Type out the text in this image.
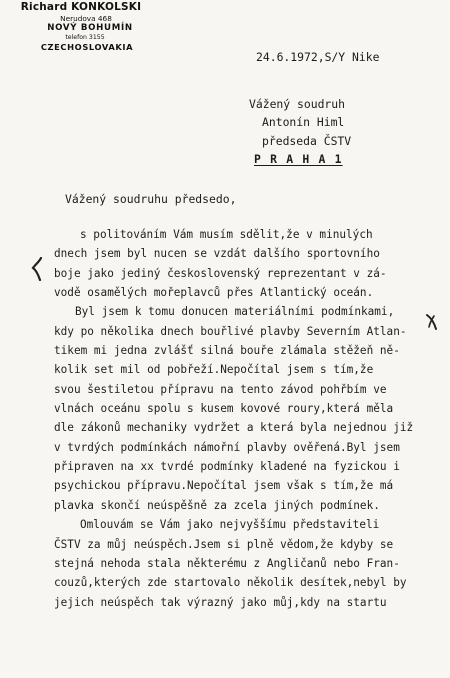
Richard KONKOLSKI
Nerudova 468
NOVÝ BOHUMÍN
telefon 3155
CZECHOSLOVAKIA
24.6.1972,S/Y Nike
Vážený soudruh
Antonín Himl
předseda ČSTV
P R A H A 1
Vážený soudruhu předsedo,
s politováním Vám musím sdělit,že v minulých
dnech jsem byl nucen se vzdát dalšího sportovního
boje jako jediný československý reprezentant v zá-
vodě osamělých mořeplavců přes Atlantický oceán.
Byl jsem k tomu donucen materiálními podmínkami,
kdy po několika dnech bouřlivé plavby Severním Atlan-
tikem mi jedna zvlášť silná bouře zlámala stěžeň ně-
kolik set mil od pobřeží.Nepočítal jsem s tím,že
svou šestiletou přípravu na tento závod pohřbím ve
vlnách oceánu spolu s kusem kovové roury,která měla
dle zákonů mechaniky vydržet a která byla nejednou již
v tvrdých podmínkách námořní plavby ověřená.Byl jsem
připraven na xx tvrdé podmínky kladené na fyzickou i
psychickou přípravu.Nepočítal jsem však s tím,že má
plavka skončí neúspěšně za zcela jiných podmínek.
Omlouvám se Vám jako nejvyššímu představiteli
ČSTV za můj neúspěch.Jsem si plně vědom,že kdyby se
stejná nehoda stala některému z Angličanů nebo Fran-
couzů,kterých zde startovalo několik desítek,nebyl by
jejich neúspěch tak výrazný jako můj,kdy na startu
